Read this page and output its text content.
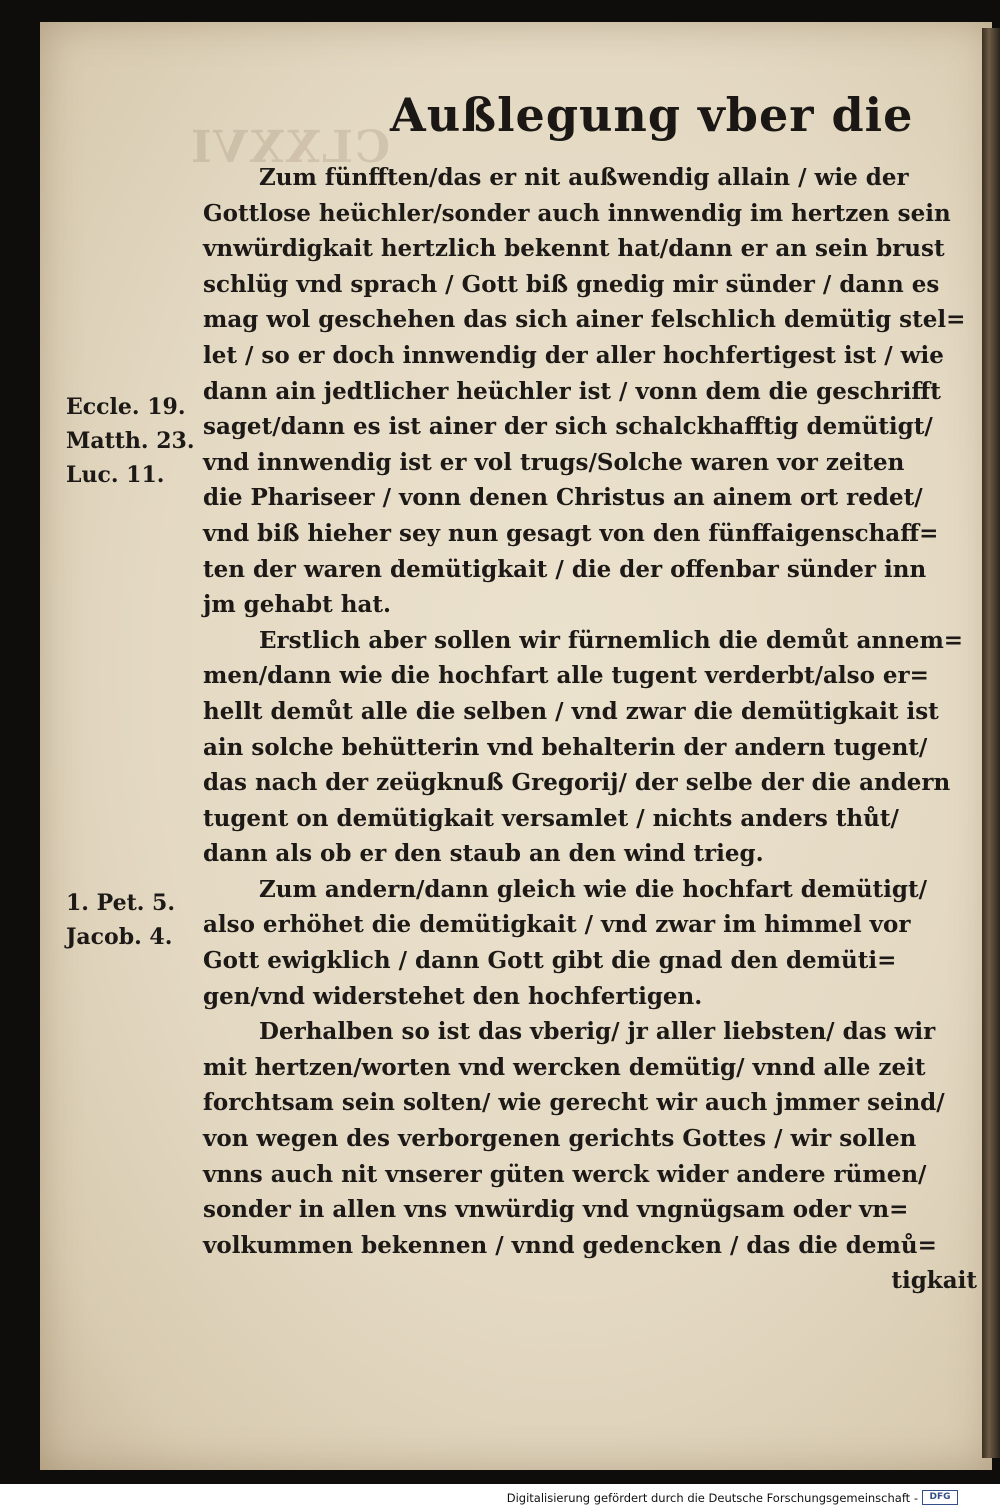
CLXXVI
Außlegung vber die
Eccle. 19.
Matth. 23.
Luc. 11.
1. Pet. 5.
Jacob. 4.
Zum fünfften/das er nit außwendig allain / wie der
Gottlose heüchler/sonder auch innwendig im hertzen sein
vnwürdigkait hertzlich bekennt hat/dann er an sein brust
schlüg vnd sprach / Gott biß gnedig mir sünder / dann es
mag wol geschehen das sich ainer felschlich demütig stel=
let / so er doch innwendig der aller hochfertigest ist / wie
dann ain jedtlicher heüchler ist / vonn dem die geschrifft
saget/dann es ist ainer der sich schalckhafftig demütigt/
vnd innwendig ist er vol trugs/Solche waren vor zeiten
die Phariseer / vonn denen Christus an ainem ort redet/
vnd biß hieher sey nun gesagt von den fünffaigenschaff=
ten der waren demütigkait / die der offenbar sünder inn
jm gehabt hat.
Erstlich aber sollen wir fürnemlich die demůt annem=
men/dann wie die hochfart alle tugent verderbt/also er=
hellt demůt alle die selben / vnd zwar die demütigkait ist
ain solche behütterin vnd behalterin der andern tugent/
das nach der zeügknuß Gregorij/ der selbe der die andern
tugent on demütigkait versamlet / nichts anders thůt/
dann als ob er den staub an den wind trieg.
Zum andern/dann gleich wie die hochfart demütigt/
also erhöhet die demütigkait / vnd zwar im himmel vor
Gott ewigklich / dann Gott gibt die gnad den demüti=
gen/vnd widerstehet den hochfertigen.
Derhalben so ist das vberig/ jr aller liebsten/ das wir
mit hertzen/worten vnd wercken demütig/ vnnd alle zeit
forchtsam sein solten/ wie gerecht wir auch jmmer seind/
von wegen des verborgenen gerichts Gottes / wir sollen
vnns auch nit vnserer güten werck wider andere rümen/
sonder in allen vns vnwürdig vnd vngnügsam oder vn=
volkummen bekennen / vnnd gedencken / das die demů=
tigkait
Digitalisierung gefördert durch die Deutsche Forschungsgemeinschaft -	DFG
